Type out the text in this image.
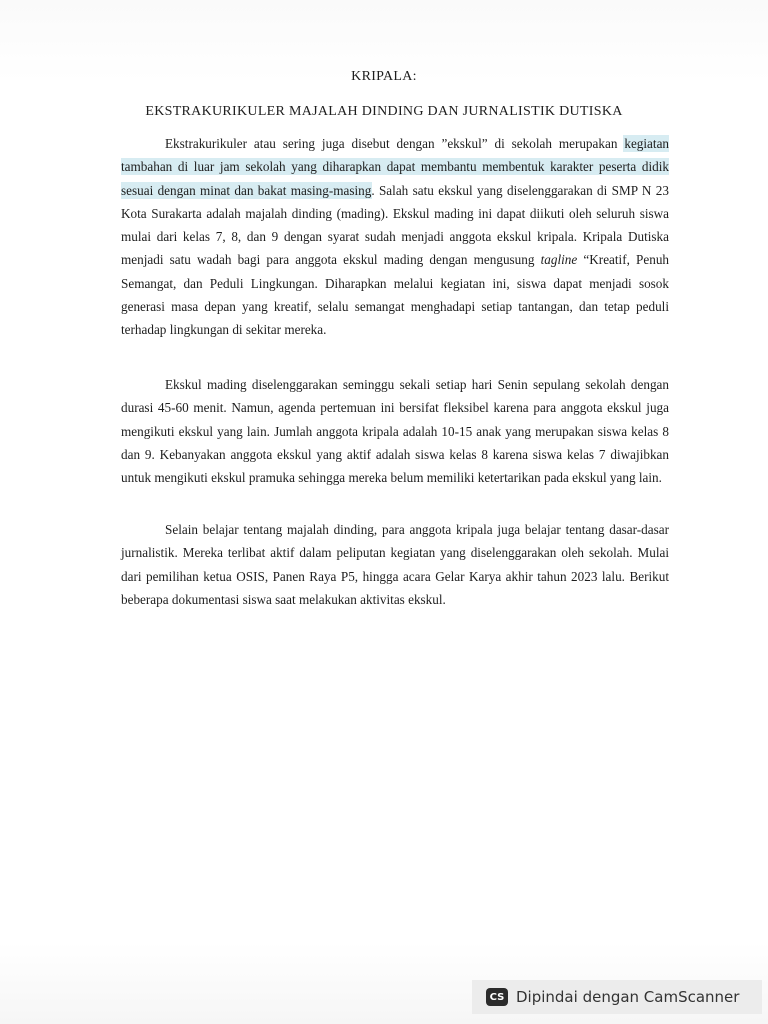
KRIPALA:
EKSTRAKURIKULER MAJALAH DINDING DAN JURNALISTIK DUTISKA

Ekstrakurikuler atau sering juga disebut dengan ”ekskul” di sekolah merupakan kegiatan tambahan di luar jam sekolah yang diharapkan dapat membantu membentuk karakter peserta didik sesuai dengan minat dan bakat masing-masing. Salah satu ekskul yang diselenggarakan di SMP N 23 Kota Surakarta adalah majalah dinding (mading). Ekskul mading ini dapat diikuti oleh seluruh siswa mulai dari kelas 7, 8, dan 9 dengan syarat sudah menjadi anggota ekskul kripala. Kripala Dutiska menjadi satu wadah bagi para anggota ekskul mading dengan mengusung tagline “Kreatif, Penuh Semangat, dan Peduli Lingkungan. Diharapkan melalui kegiatan ini, siswa dapat menjadi sosok generasi masa depan yang kreatif, selalu semangat menghadapi setiap tantangan, dan tetap peduli terhadap lingkungan di sekitar mereka.

Ekskul mading diselenggarakan seminggu sekali setiap hari Senin sepulang sekolah dengan durasi 45-60 menit. Namun, agenda pertemuan ini bersifat fleksibel karena para anggota ekskul juga mengikuti ekskul yang lain. Jumlah anggota kripala adalah 10-15 anak yang merupakan siswa kelas 8 dan 9. Kebanyakan anggota ekskul yang aktif adalah siswa kelas 8 karena siswa kelas 7 diwajibkan untuk mengikuti ekskul pramuka sehingga mereka belum memiliki ketertarikan pada ekskul yang lain.

Selain belajar tentang majalah dinding, para anggota kripala juga belajar tentang dasar-dasar jurnalistik. Mereka terlibat aktif dalam peliputan kegiatan yang diselenggarakan oleh sekolah. Mulai dari pemilihan ketua OSIS, Panen Raya P5, hingga acara Gelar Karya akhir tahun 2023 lalu. Berikut beberapa dokumentasi siswa saat melakukan aktivitas ekskul.

CS Dipindai dengan CamScanner
